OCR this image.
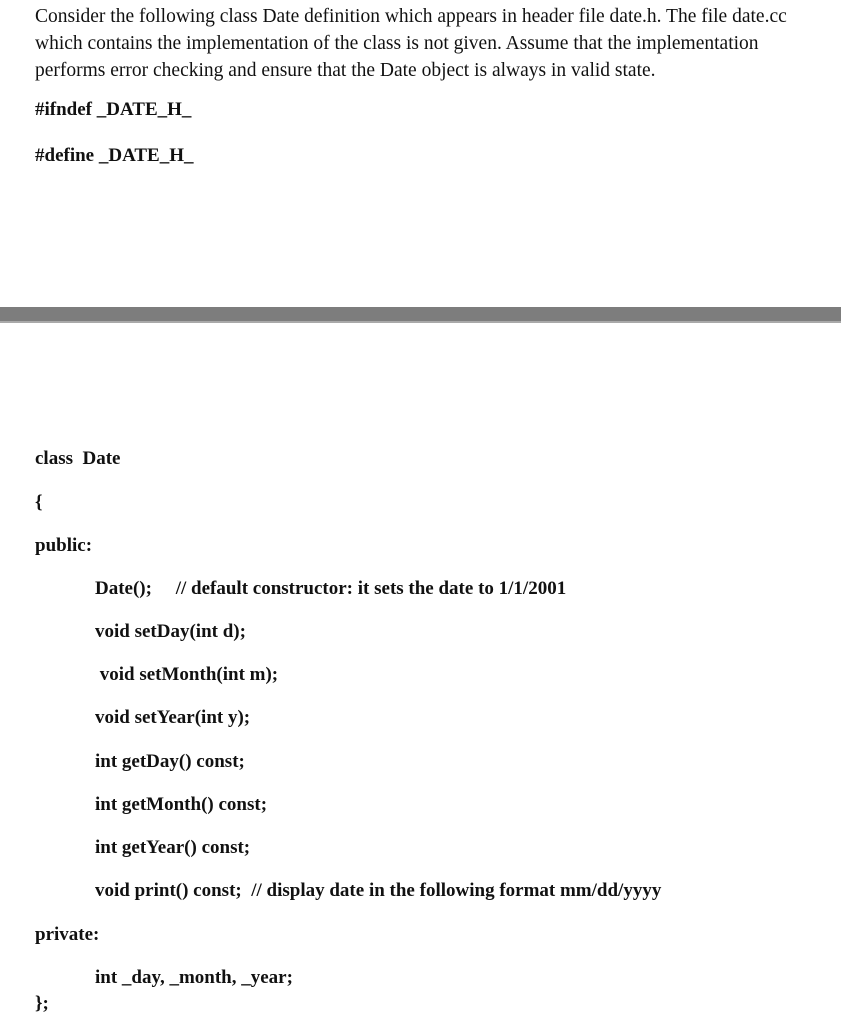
Consider the following class Date definition which appears in header file date.h. The file date.cc
which contains the implementation of the class is not given. Assume that the implementation
performs error checking and ensure that the Date object is always in valid state.
#ifndef _DATE_H_
#define _DATE_H_
class  Date
{
public:
Date();     // default constructor: it sets the date to 1/1/2001
void setDay(int d);
void setMonth(int m);
void setYear(int y);
int getDay() const;
int getMonth() const;
int getYear() const;
void print() const;  // display date in the following format mm/dd/yyyy
private:
int _day, _month, _year;
};
